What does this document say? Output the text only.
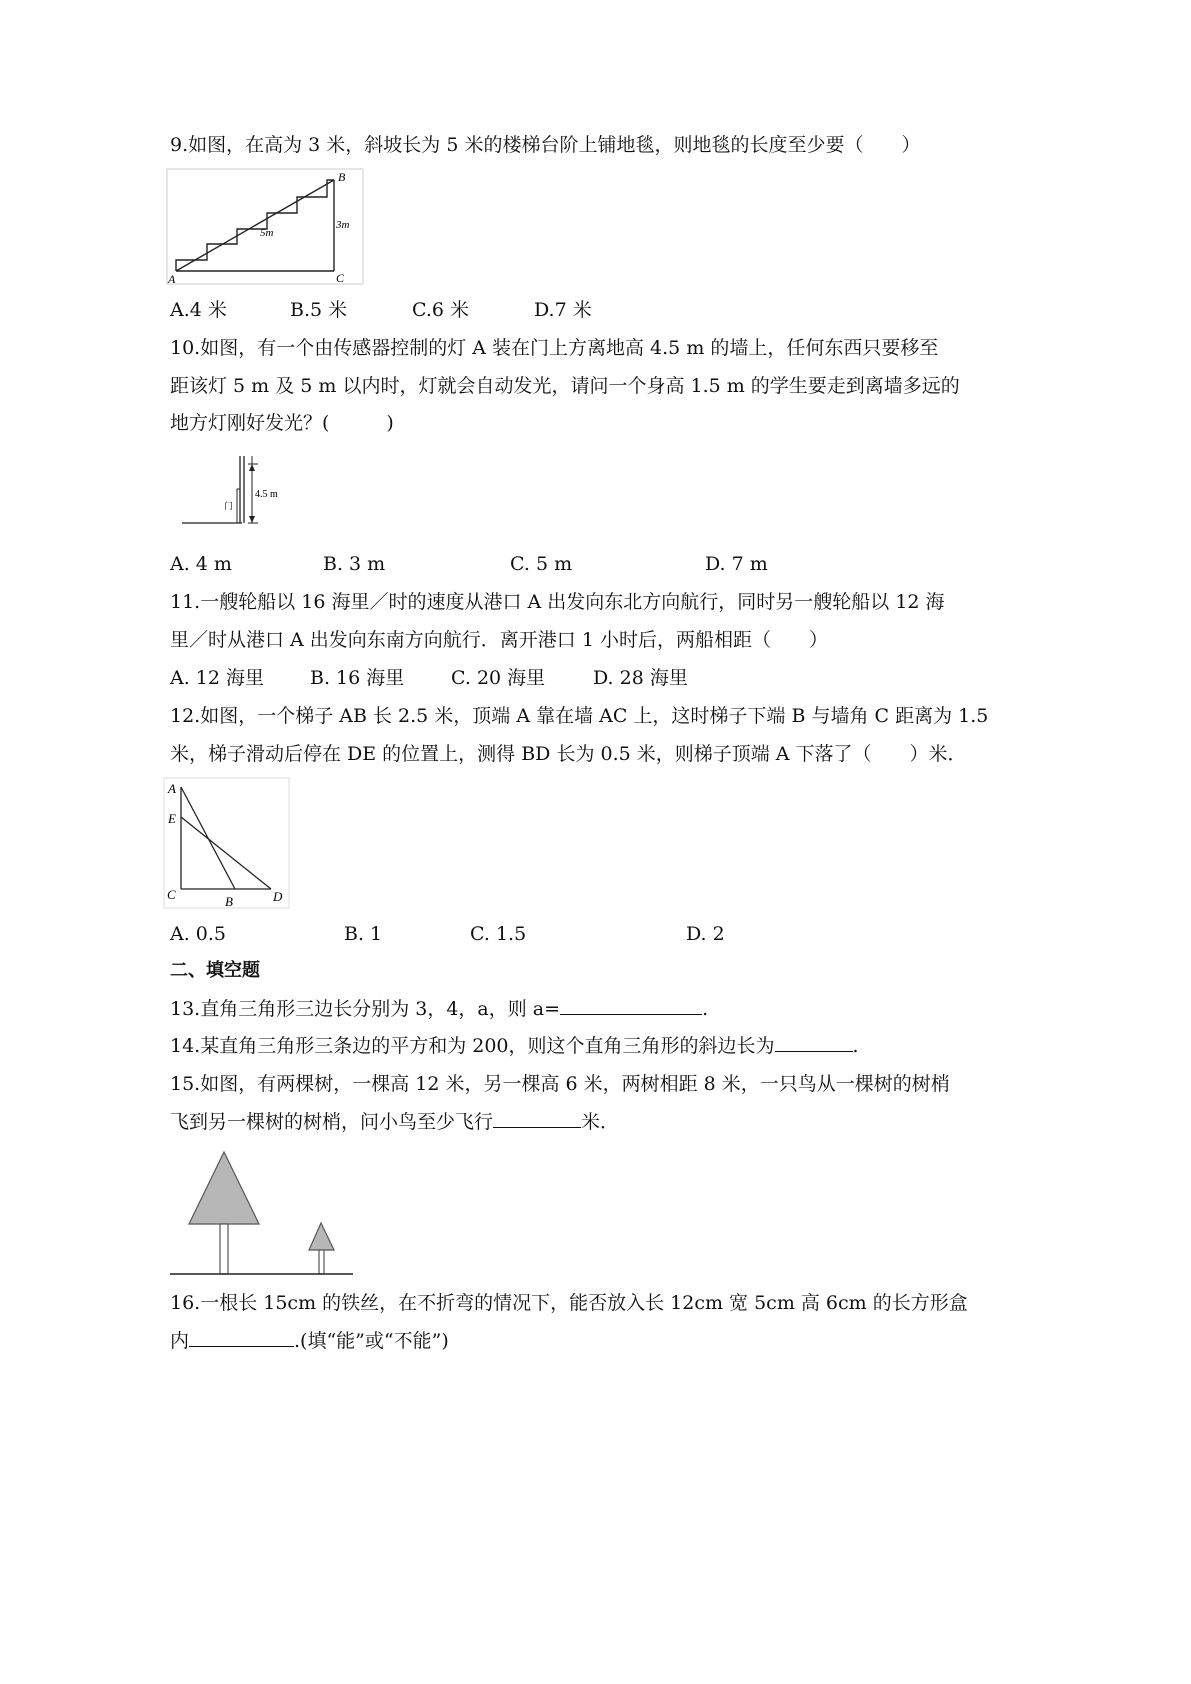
9.如图，在高为 3 米，斜坡长为 5 米的楼梯台阶上铺地毯，则地毯的长度至少要（　　）
A
B
C
5m
3m
A.4 米	B.5 米	C.6 米	D.7 米
10.如图，有一个由传感器控制的灯 A 装在门上方离地高 4.5 m 的墙上，任何东西只要移至
距该灯 5 m 及 5 m 以内时，灯就会自动发光，请问一个身高 1.5 m 的学生要走到离墙多远的
地方灯刚好发光？(　　　)
4.5 m
门
A. 4 m	B. 3 m	C. 5 m	D. 7 m
11.一艘轮船以 16 海里／时的速度从港口 A 出发向东北方向航行，同时另一艘轮船以 12 海
里／时从港口 A 出发向东南方向航行．离开港口 1 小时后，两船相距（　　）
A. 12 海里 B. 16 海里 C. 20 海里	D. 28 海里
12.如图，一个梯子 AB 长 2.5 米，顶端 A 靠在墙 AC 上，这时梯子下端 B 与墙角 C 距离为 1.5
米，梯子滑动后停在 DE 的位置上，测得 BD 长为 0.5 米，则梯子顶端 A 下落了（　　）米．
A
E
C	B	D
A. 0.5	B. 1	C. 1.5	D. 2
二、填空题
13.直角三角形三边长分别为 3，4，a，则 a=	.
14.某直角三角形三条边的平方和为 200，则这个直角三角形的斜边长为	.
15.如图，有两棵树，一棵高 12 米，另一棵高 6 米，两树相距 8 米，一只鸟从一棵树的树梢
飞到另一棵树的树梢，问小鸟至少飞行	米．
16.一根长 15cm 的铁丝，在不折弯的情况下，能否放入长 12cm 宽 5cm 高 6cm 的长方形盒
内	.(填“能”或“不能”)
